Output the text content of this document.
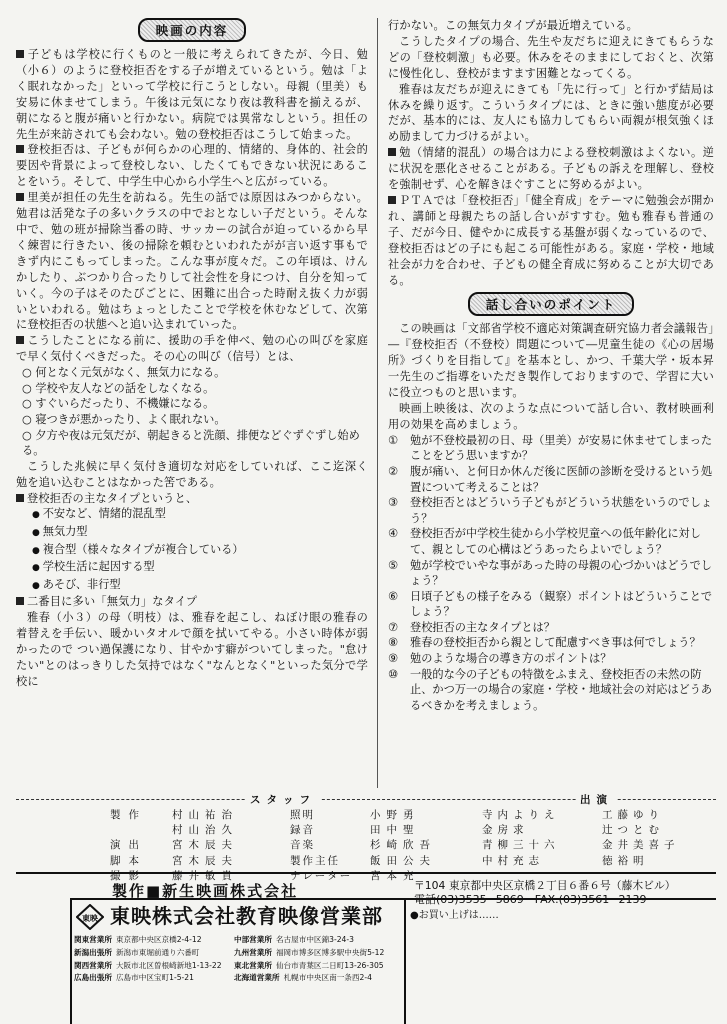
映画の内容

子どもは学校に行くものと一般に考えられてきたが、今日、勉（小６）のように登校拒否をする子が増えているという。勉は「よく眠れなかった」といって学校に行こうとしない。母親（里美）も安易に休ませてしまう。午後は元気になり夜は教科書を揃えるが、朝になると腹が痛いと行かない。病院では異常なしという。担任の先生が来訪されても会わない。勉の登校拒否はこうして始まった。

登校拒否は、子どもが何らかの心理的、情緒的、身体的、社会的要因や背景によって登校しない、したくてもできない状況にあることをいう。そして、中学生中心から小学生へと広がっている。

里美が担任の先生を訪ねる。先生の話では原因はみつからない。勉君は活発な子の多いクラスの中でおとなしい子だという。そんな中で、勉の班が掃除当番の時、サッカーの試合が迫っているから早く練習に行きたい、後の掃除を頼むといわれたがが言い返す事もできず内にこもってしまった。こんな事が度々だ。この年頃は、けんかしたり、ぶつかり合ったりして社会性を身につけ、自分を知っていく。今の子はそのたびごとに、困難に出合った時耐え抜く力が弱いといわれる。勉はちょっとしたことで学校を休むなどして、次第に登校拒否の状態へと追い込まれていった。

こうしたことになる前に、援助の手を伸べ、勉の心の叫びを家庭で早く気付くべきだった。その心の叫び（信号）とは、

○ 何となく元気がなく、無気力になる。
○ 学校や友人などの話をしなくなる。
○ すぐいらだったり、不機嫌になる。
○ 寝つきが悪かったり、よく眠れない。
○ 夕方や夜は元気だが、朝起きると洗顔、排便などぐずぐずし始める。

こうした兆候に早く気付き適切な対応をしていれば、ここ迄深く勉を追い込むことはなかった筈である。

登校拒否の主なタイプというと、

● 不安など、情緒的混乱型
● 無気力型
● 複合型（様々なタイプが複合している）
● 学校生活に起因する型
● あそび、非行型

二番目に多い「無気力」なタイプ

雅春（小３）の母（明枝）は、雅春を起こし、ねぼけ眼の雅春の着替えを手伝い、暖かいタオルで顔を拭いてやる。小さい時体が弱かったので つい過保護になり、甘やかす癖がついてしまった。"怠けたい"とのはっきりした気持ではなく"なんとなく"といった気分で学校に

行かない。この無気力タイプが最近増えている。

こうしたタイプの場合、先生や友だちに迎えにきてもらうなどの「登校刺激」も必要。休みをそのままにしておくと、次第に慢性化し、登校がますます困難となってくる。

雅春は友だちが迎えにきても「先に行って」と行かず結局は休みを繰り返す。こういうタイプには、ときに強い態度が必要だが、基本的には、友人にも協力してもらい両親が根気強くほめ励まして力づけるがよい。

勉（情緒的混乱）の場合は力による登校刺激はよくない。逆に状況を悪化させることがある。子どもの訴えを理解し、登校を強制せず、心を解きほぐすことに努めるがよい。

ＰＴＡでは「登校拒否」「健全育成」をテーマに勉強会が開かれ、講師と母親たちの話し合いがすすむ。勉も雅春も普通の子、だが今日、健やかに成長する基盤が弱くなっているので、登校拒否はどの子にも起こる可能性がある。家庭・学校・地域社会が力を合わせ、子どもの健全育成に努めることが大切である。

話し合いのポイント

この映画は「文部省学校不適応対策調査研究協力者会議報告」―『登校拒否（不登校）問題について―児童生徒の《心の居場所》づくりを目指して』を基本とし、かつ、千葉大学・坂本昇一先生のご指導をいただき製作しておりますので、学習に大いに役立つものと思います。

映画上映後は、次のような点について話し合い、教材映画利用の効果を高めましょう。

①	勉が不登校最初の日、母（里美）が安易に休ませてしまったことをどう思いますか？
②	腹が痛い、と何日か休んだ後に医師の診断を受けるという処置について考えることは？
③	登校拒否とはどういう子どもがどういう状態をいうのでしょう？
④	登校拒否が中学校生徒から小学校児童への低年齢化に対して、親としての心構はどうあったらよいでしょう？
⑤	勉が学校でいやな事があった時の母親の心づかいはどうでしょう？
⑥	日頃子どもの様子をみる（観察）ポイントはどういうことでしょう？
⑦	登校拒否の主なタイプとは？
⑧	雅春の登校拒否から親として配慮すべき事は何でしょう？
⑨	勉のような場合の導き方のポイントは？
⑩	一般的な今の子どもの特徴をふまえ、登校拒否の未然の防止、かつ万一の場合の家庭・学校・地域社会の対応はどうあるべきかを考えましょう。
スタッフ	出演
製作	村山祐治
村山治久
演出	宮木辰夫
脚本	宮木辰夫
撮影	藤井敏貴
照明	小野勇
録音	田中聖
音楽	杉崎欣吾
製作主任	飯田公夫
ナレーター	宮本充
寺内よりえ	工藤ゆり
金房求	辻つとむ
青柳三十六	金井美喜子
中村充志	徳裕明
製作■新生映画株式会社	〒104 東京都中央区京橋２丁目６番６号（藤木ビル）
電話(03)3535−5869　FAX.(03)3561−2139
東映 東映株式会社教育映像営業部
関東営業所 東京都中央区京橋2-4-12	中部営業所 名古屋市中区錦3-24-3
新潟出張所 新潟市東堀前通り六番町	九州営業所 福岡市博多区博多駅中央街5-12
関西営業所 大阪市北区曽根崎新地1-13-22	東北営業所 仙台市青葉区二日町13-26-305
広島出張所 広島市中区宝町1-5-21	北海道営業所 札幌市中央区南一条西2-4
●お買い上げは……
